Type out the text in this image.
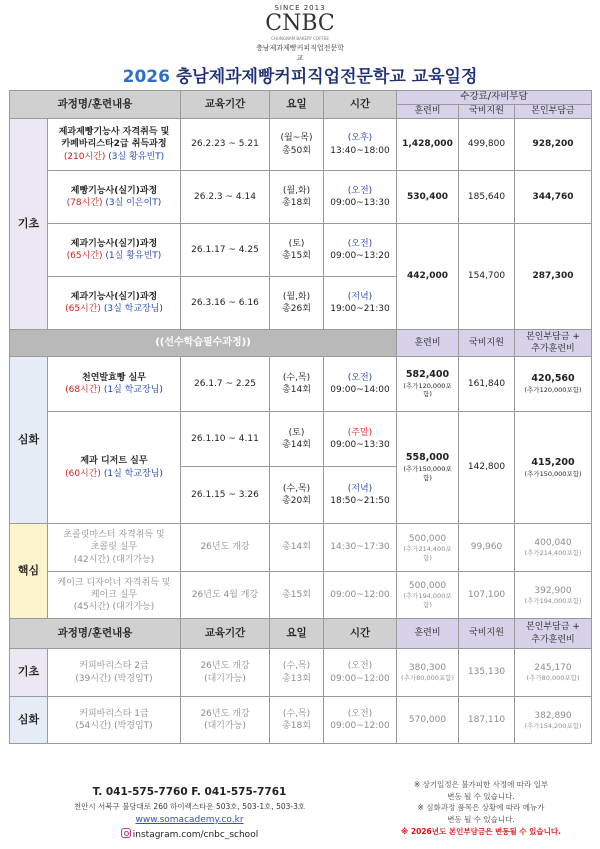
SINCE 2013
CNBC
CHUNGNAM BAKERY COFFEE
충남제과제빵커피직업전문학교
2026 충남제과제빵커피직업전문학교 교육일정
과정명/훈련내용		교육기간	요일	시간	수강료/자비부담		
					훈련비	국비지원	본인부담금
기초	제과제빵기능사 자격취득 및
카페바리스타2급 취득과정
(210시간) (3실 황유빈T)	26.2.23 ~ 5.21	(월~목)
총50회	(오후)
13:40~18:00	1,428,000	499,800	928,200

	제빵기능사(실기)과정
(78시간) (3실 이은이T)	26.2.3 ~ 4.14	(월,화)
총18회	(오전)
09:00~13:30	530,400	185,640	344,760

	제과기능사(실기)과정
(65시간) (1실 황유빈T)	26.1.17 ~ 4.25	(토)
총15회	(오전)
09:00~13:20	442,000	154,700	287,300

	제과기능사(실기)과정
(65시간) (3실 학교장님)	26.3.16 ~ 6.16	(월,화)
총26회	(저녁)
19:00~21:30			
((선수학습필수과정))					훈련비	국비지원	본인부담금 +
추가훈련비
심화	천연발효빵 실무
(68시간) (1실 학교장님)	26.1.7 ~ 2.25	(수,목)
총14회	(오전)
09:00~14:00	582,400
(추가120,000포함)	161,840	420,560
(추가120,000포함)

	제과 디저트 실무
(60시간) (1실 학교장님)	26.1.10 ~ 4.11	(토)
총14회	(주말)
09:00~13:30	558,000
(추가150,000포함)	142,800	415,200
(추가150,000포함)

		26.1.15 ~ 3.26	(수,목)
총20회	(저녁)
18:50~21:50			
핵심	초콜릿마스터 자격취득 및
초콜릿 실무
(42시간) (대기가능)	26년도 개강	총14회	14:30~17:30	500,000
(추가214,400포함)	99,960	400,040
(추가214,400포함)

	케이크 디자이너 자격취득 및
케이크 실무
(45시간) (대기가능)	26년도 4월 개강	총15회	09:00~12:00	500,000
(추가194,000포함)	107,100	392,900
(추가194,000포함)

과정명/훈련내용		교육기간	요일	시간	훈련비	국비지원	본인부담금 +
추가훈련비
기초	커피바리스타 2급
(39시간) (박경임T)	26년도 개강
(대기가능)	(수,목)
총13회	(오전)
09:00~12:00	380,300
(추가80,000포함)	135,130	245,170
(추가80,000포함)

심화	커피바리스타 1급
(54시간) (박경임T)	26년도 개강
(대기가능)	(수,목)
총18회	(오전)
09:00~12:00	570,000	187,110	382,890
(추가154,200포함)
T. 041-575-7760 F. 041-575-7761
천안시 서북구 불당대로 260 하이렉스타운 503호, 503-1호, 503-3호
www.somacademy.co.kr
instagram.com/cnbc_school
※ 상기일정은 불가피한 사정에 따라 일부
변동 될 수 있습니다.
※ 심화과정 품목은 상황에 따라 메뉴가
변동 될 수 있습니다.
※ 2026년도 본인부담금은 변동될 수 있습니다.
